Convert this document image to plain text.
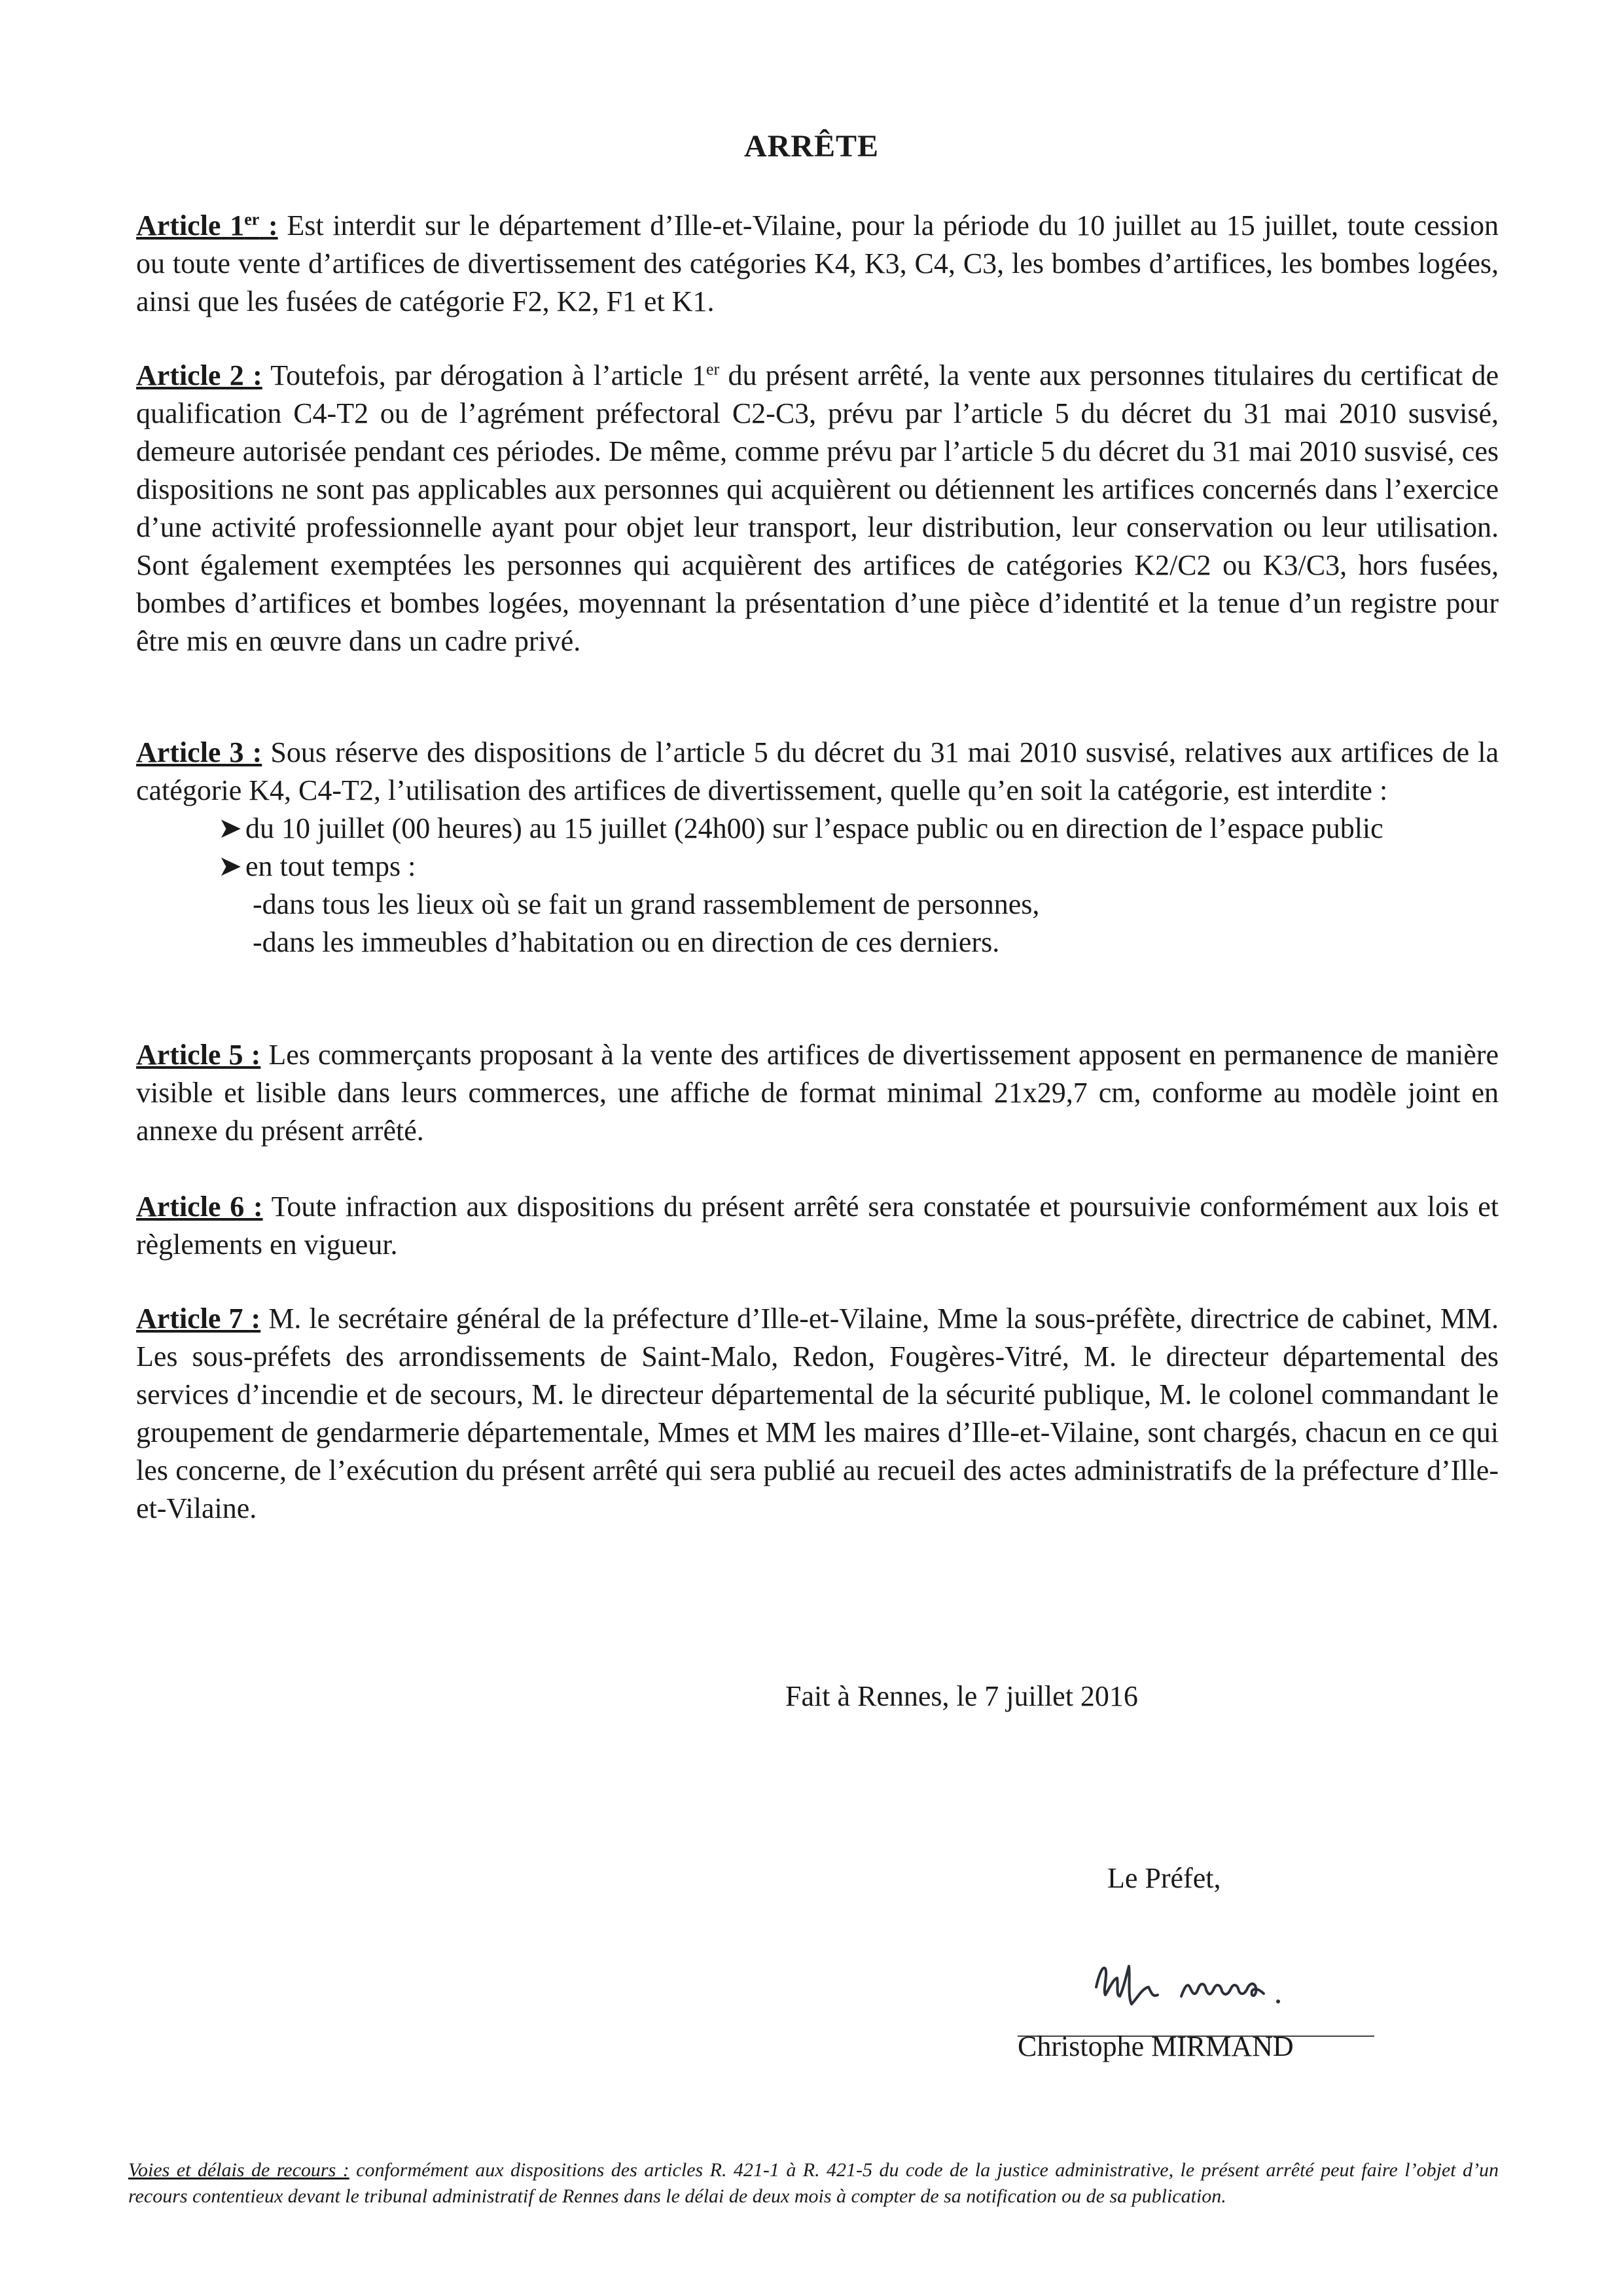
ARRÊTE

Article 1er : Est interdit sur le département d’Ille-et-Vilaine, pour la période du 10 juillet au 15 juillet, toute cession ou toute vente d’artifices de divertissement des catégories K4, K3, C4, C3, les bombes d’artifices, les bombes logées, ainsi que les fusées de catégorie F2, K2, F1 et K1.

Article 2 : Toutefois, par dérogation à l’article 1er du présent arrêté, la vente aux personnes titulaires du certificat de qualification C4-T2 ou de l’agrément préfectoral C2-C3, prévu par l’article 5 du décret du 31 mai 2010 susvisé, demeure autorisée pendant ces périodes. De même, comme prévu par l’article 5 du décret du 31 mai 2010 susvisé, ces dispositions ne sont pas applicables aux personnes qui acquièrent ou détiennent les artifices concernés dans l’exercice d’une activité professionnelle ayant pour objet leur transport, leur distribution, leur conservation ou leur utilisation. Sont également exemptées les personnes qui acquièrent des artifices de catégories K2/C2 ou K3/C3, hors fusées, bombes d’artifices et bombes logées, moyennant la présentation d’une pièce d’identité et la tenue d’un registre pour être mis en œuvre dans un cadre privé.

Article 3 : Sous réserve des dispositions de l’article 5 du décret du 31 mai 2010 susvisé, relatives aux artifices de la catégorie K4, C4-T2, l’utilisation des artifices de divertissement, quelle qu’en soit la catégorie, est interdite :

➤ du 10 juillet (00 heures) au 15 juillet (24h00) sur l’espace public ou en direction de l’espace public
➤ en tout temps :
-dans tous les lieux où se fait un grand rassemblement de personnes,
-dans les immeubles d’habitation ou en direction de ces derniers.

Article 5 : Les commerçants proposant à la vente des artifices de divertissement apposent en permanence de manière visible et lisible dans leurs commerces, une affiche de format minimal 21x29,7 cm, conforme au modèle joint en annexe du présent arrêté.

Article 6 : Toute infraction aux dispositions du présent arrêté sera constatée et poursuivie conformément aux lois et règlements en vigueur.

Article 7 : M. le secrétaire général de la préfecture d’Ille-et-Vilaine, Mme la sous-préfète, directrice de cabinet, MM. Les sous-préfets des arrondissements de Saint-Malo, Redon, Fougères-Vitré, M. le directeur départemental des services d’incendie et de secours, M. le directeur départemental de la sécurité publique, M. le colonel commandant le groupement de gendarmerie départementale, Mmes et MM les maires d’Ille-et-Vilaine, sont chargés, chacun en ce qui les concerne, de l’exécution du présent arrêté qui sera publié au recueil des actes administratifs de la préfecture d’Ille-et-Vilaine.

Fait à Rennes, le 7 juillet 2016
Le Préfet,
Christophe MIRMAND
Voies et délais de recours : conformément aux dispositions des articles R. 421-1 à R. 421-5 du code de la justice administrative, le présent arrêté peut faire l’objet d’un recours contentieux devant le tribunal administratif de Rennes dans le délai de deux mois à compter de sa notification ou de sa publication.
